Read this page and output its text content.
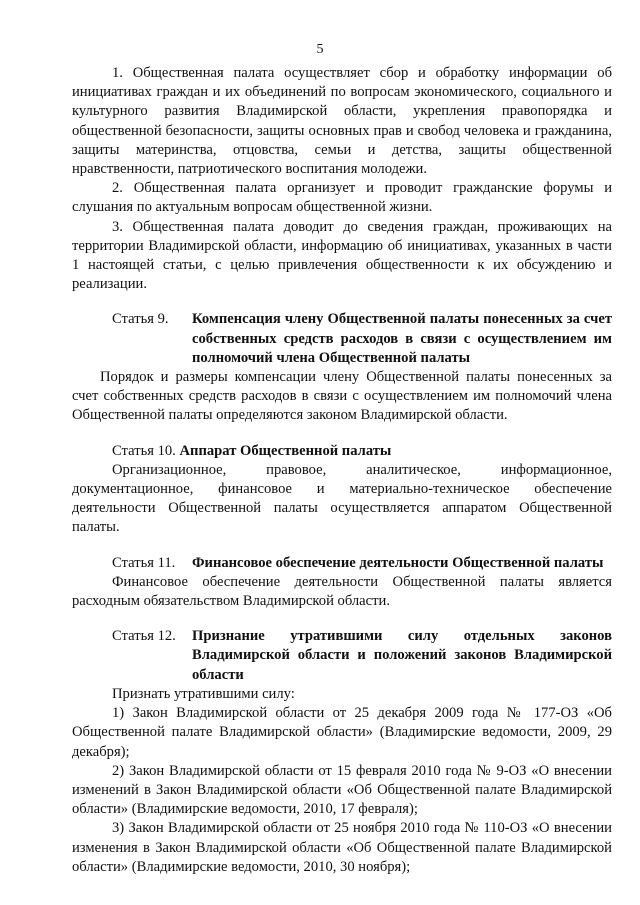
5

1. Общественная палата осуществляет сбор и обработку информации об инициативах граждан и их объединений по вопросам экономического, социального и культурного развития Владимирской области, укрепления правопорядка и общественной безопасности, защиты основных прав и свобод человека и гражданина, защиты материнства, отцовства, семьи и детства, защиты общественной нравственности, патриотического воспитания молодежи.

2. Общественная палата организует и проводит гражданские форумы и слушания по актуальным вопросам общественной жизни.

3. Общественная палата доводит до сведения граждан, проживающих на территории Владимирской области, информацию об инициативах, указанных в части 1 настоящей статьи, с целью привлечения общественности к их обсуждению и реализации.

Статья 9.	Компенсация члену Общественной палаты понесенных за счет собственных средств расходов в связи с осуществлением им полномочий члена Общественной палаты

Порядок и размеры компенсации члену Общественной палаты понесенных за счет собственных средств расходов в связи с осуществлением им полномочий члена Общественной палаты определяются законом Владимирской области.

Статья 10. Аппарат Общественной палаты

Организационное, правовое, аналитическое, информационное, документационное, финансовое и материально-техническое обеспечение деятельности Общественной палаты осуществляется аппаратом Общественной палаты.

Статья 11.	Финансовое обеспечение деятельности Общественной палаты

Финансовое обеспечение деятельности Общественной палаты является расходным обязательством Владимирской области.

Статья 12.	Признание утратившими силу отдельных законов Владимирской области и положений законов Владимирской области

Признать утратившими силу:

1) Закон Владимирской области от 25 декабря 2009 года № 177-ОЗ «Об Общественной палате Владимирской области» (Владимирские ведомости, 2009, 29 декабря);

2) Закон Владимирской области от 15 февраля 2010 года № 9-ОЗ «О внесении изменений в Закон Владимирской области «Об Общественной палате Владимирской области» (Владимирские ведомости, 2010, 17 февраля);

3) Закон Владимирской области от 25 ноября 2010 года № 110-ОЗ «О внесении изменения в Закон Владимирской области «Об Общественной палате Владимирской области» (Владимирские ведомости, 2010, 30 ноября);
